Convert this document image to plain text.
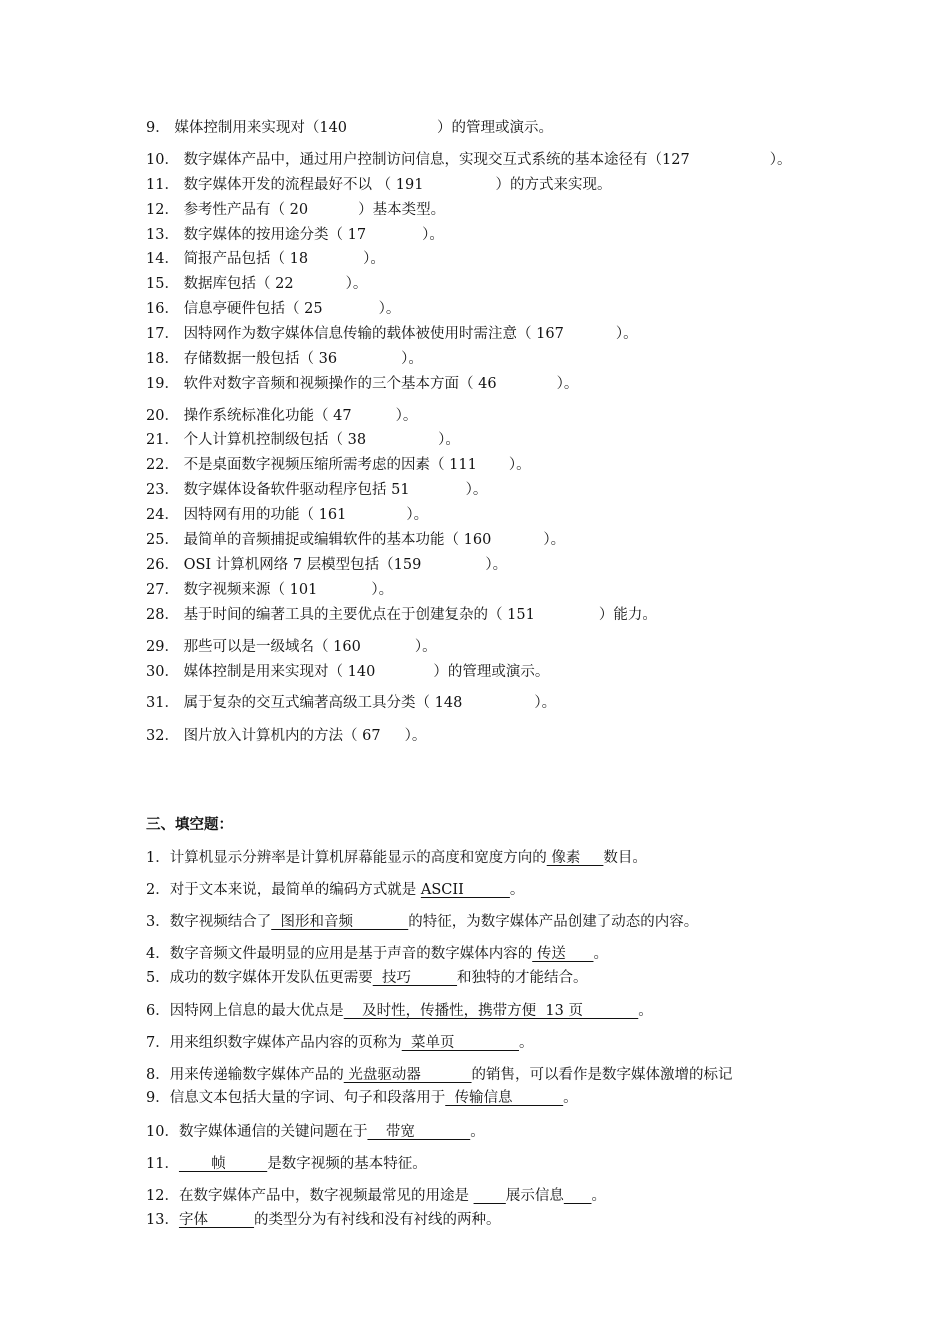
9． 媒体控制用来实现对（140	）的管理或演示。
10． 数字媒体产品中，通过用户控制访问信息，实现交互式系统的基本途径有（127	）。
11． 数字媒体开发的流程最好不以 （ 191	）的方式来实现。
12． 参考性产品有（ 20	）基本类型。
13． 数字媒体的按用途分类（ 17	）。
14． 简报产品包括（ 18	）。
15． 数据库包括（ 22	）。
16． 信息亭硬件包括（ 25	）。
17． 因特网作为数字媒体信息传输的载体被使用时需注意（ 167	）。
18． 存储数据一般包括（ 36	）。
19． 软件对数字音频和视频操作的三个基本方面（ 46	）。
20． 操作系统标准化功能（ 47	）。
21． 个人计算机控制级包括（ 38	）。
22． 不是桌面数字视频压缩所需考虑的因素（ 111 ）。
23． 数字媒体设备软件驱动程序包括 51	）。
24． 因特网有用的功能（ 161	）。
25． 最简单的音频捕捉或编辑软件的基本功能（ 160	）。
26． OSI 计算机网络 7 层模型包括（159	）。
27． 数字视频来源（ 101	）。
28． 基于时间的编著工具的主要优点在于创建复杂的（ 151	）能力。
29． 那些可以是一级域名（ 160	）。
30． 媒体控制是用来实现对（ 140	）的管理或演示。
31． 属于复杂的交互式编著高级工具分类（ 148	）。
32． 图片放入计算机内的方法（ 67 ）。
三、填空题：
1．计算机显示分辨率是计算机屏幕能显示的高度和宽度方向的 像素     数目。
2．对于文本来说，最简单的编码方式就是 ASCII          。
3．数字视频结合了  图形和音频            的特征，为数字媒体产品创建了动态的内容。
4．数字音频文件最明显的应用是基于声音的数字媒体内容的 传送      。
5．成功的数字媒体开发队伍更需要  技巧          和独特的才能结合。
6．因特网上信息的最大优点是    及时性，传播性，携带方便  13 页            。
7．用来组织数字媒体产品内容的页称为  菜单页              。
8．用来传递输数字媒体产品的 光盘驱动器           的销售，可以看作是数字媒体激增的标记
9．信息文本包括大量的字词、句子和段落用于  传输信息           。
10．数字媒体通信的关键问题在于    带宽            。
11．       帧         是数字视频的基本特征。
12．在数字媒体产品中，数字视频最常见的用途是        展示信息 。
13．字体          的类型分为有衬线和没有衬线的两种。
